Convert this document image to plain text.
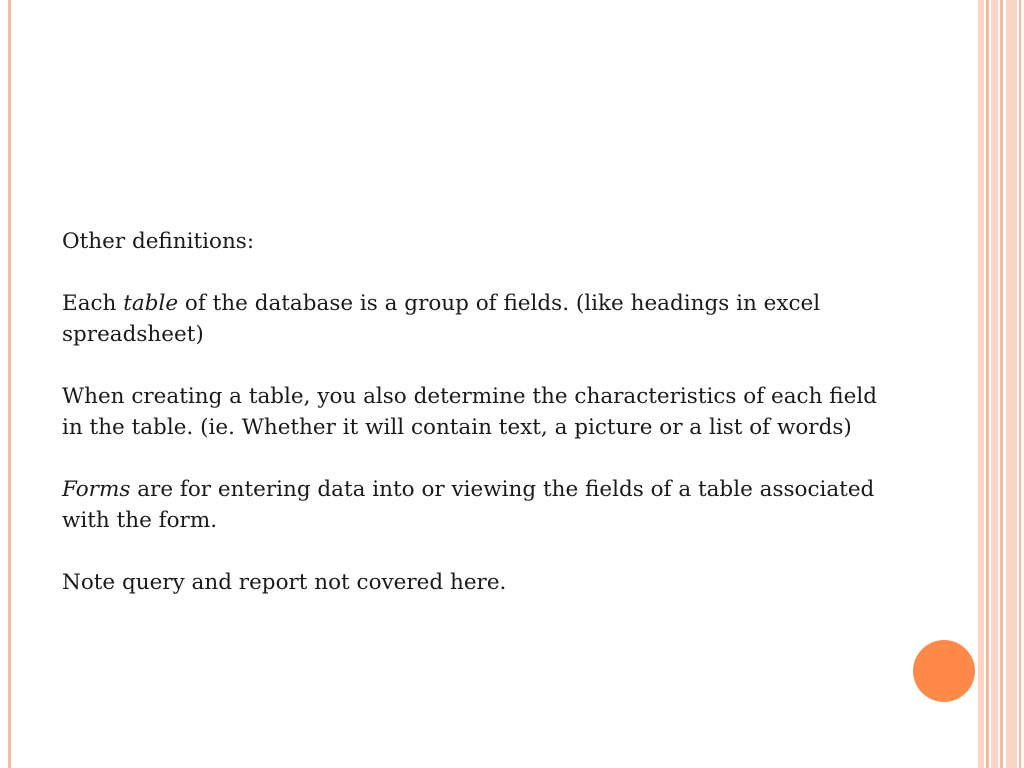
Other definitions:

Each table of the database is a group of fields. (like headings in excel spreadsheet)

When creating a table, you also determine the characteristics of each field in the table. (ie. Whether it will contain text, a picture or a list of words)

Forms are for entering data into or viewing the fields of a table associated with the form.

Note query and report not covered here.
